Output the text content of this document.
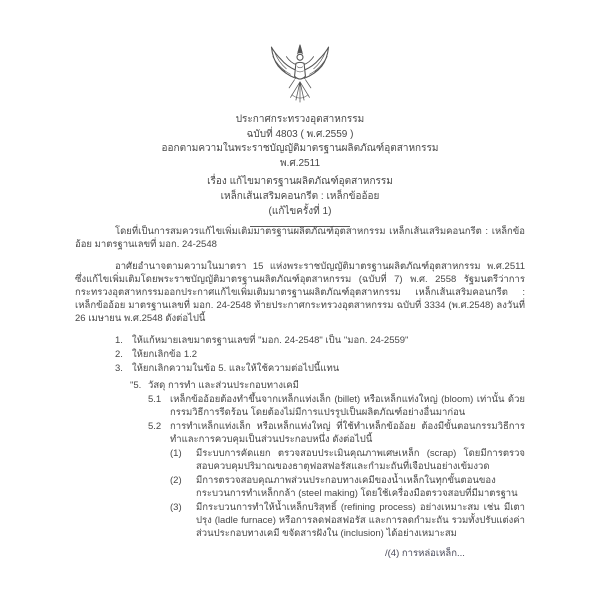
ประกาศกระทรวงอุตสาหกรรม
ฉบับที่ 4803 ( พ.ศ.2559 )
ออกตามความในพระราชบัญญัติมาตรฐานผลิตภัณฑ์อุตสาหกรรม
พ.ศ.2511
เรื่อง แก้ไขมาตรฐานผลิตภัณฑ์อุตสาหกรรม
เหล็กเส้นเสริมคอนกรีต : เหล็กข้ออ้อย
(แก้ไขครั้งที่ 1)

โดยที่เป็นการสมควรแก้ไขเพิ่มเติมมาตรฐานผลิตภัณฑ์อุตสาหกรรม เหล็กเส้นเสริมคอนกรีต : เหล็กข้ออ้อย มาตรฐานเลขที่ มอก. 24-2548

อาศัยอำนาจตามความในมาตรา 15 แห่งพระราชบัญญัติมาตรฐานผลิตภัณฑ์อุตสาหกรรม พ.ศ.2511 ซึ่งแก้ไขเพิ่มเติมโดยพระราชบัญญัติมาตรฐานผลิตภัณฑ์อุตสาหกรรม (ฉบับที่ 7) พ.ศ. 2558 รัฐมนตรีว่าการกระทรวงอุตสาหกรรมออกประกาศแก้ไขเพิ่มเติมมาตรฐานผลิตภัณฑ์อุตสาหกรรม เหล็กเส้นเสริมคอนกรีต : เหล็กข้ออ้อย มาตรฐานเลขที่ มอก. 24-2548 ท้ายประกาศกระทรวงอุตสาหกรรม ฉบับที่ 3334 (พ.ศ.2548) ลงวันที่ 26 เมษายน พ.ศ.2548 ดังต่อไปนี้

1. ให้แก้หมายเลขมาตรฐานเลขที่ "มอก. 24-2548" เป็น "มอก. 24-2559"
2. ให้ยกเลิกข้อ 1.2
3. ให้ยกเลิกความในข้อ 5. และให้ใช้ความต่อไปนี้แทน
"5. วัสดุ การทำ และส่วนประกอบทางเคมี
5.1 เหล็กข้ออ้อยต้องทำขึ้นจากเหล็กแท่งเล็ก (billet) หรือเหล็กแท่งใหญ่ (bloom) เท่านั้น ด้วยกรรมวิธีการรีดร้อน โดยต้องไม่มีการแปรรูปเป็นผลิตภัณฑ์อย่างอื่นมาก่อน
5.2 การทำเหล็กแท่งเล็ก หรือเหล็กแท่งใหญ่ ที่ใช้ทำเหล็กข้ออ้อย ต้องมีขั้นตอนกรรมวิธีการทำและการควบคุมเป็นส่วนประกอบหนึ่ง ดังต่อไปนี้
(1)	มีระบบการคัดแยก ตรวจสอบประเมินคุณภาพเศษเหล็ก (scrap) โดยมีการตรวจสอบควบคุมปริมาณของธาตุฟอสฟอรัสและกำมะถันที่เจือปนอย่างเข้มงวด
(2)	มีการตรวจสอบคุณภาพส่วนประกอบทางเคมีของน้ำเหล็กในทุกขั้นตอนของกระบวนการทำเหล็กกล้า (steel making) โดยใช้เครื่องมือตรวจสอบที่มีมาตรฐาน
(3)	มีกระบวนการทำให้น้ำเหล็กบริสุทธิ์ (refining process) อย่างเหมาะสม เช่น มีเตาปรุง (ladle furnace) หรือการลดฟอสฟอรัส และการลดกำมะถัน รวมทั้งปรับแต่งค่าส่วนประกอบทางเคมี ขจัดสารฝังใน (inclusion) ได้อย่างเหมาะสม
/(4) การหล่อเหล็ก...
